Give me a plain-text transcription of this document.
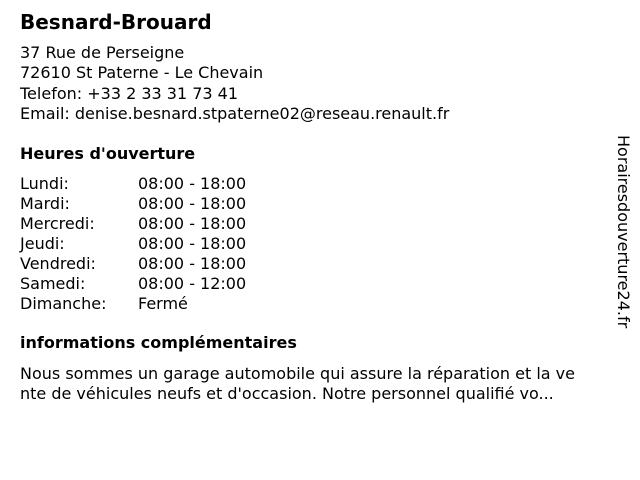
Besnard-Brouard
37 Rue de Perseigne
72610 St Paterne - Le Chevain
Telefon: +33 2 33 31 73 41
Email: denise.besnard.stpaterne02@reseau.renault.fr
Heures d'ouverture
Lundi:	08:00 - 18:00
Mardi:	08:00 - 18:00
Mercredi:	08:00 - 18:00
Jeudi:	08:00 - 18:00
Vendredi:	08:00 - 18:00
Samedi:	08:00 - 12:00
Dimanche:	Fermé
informations complémentaires
Nous sommes un garage automobile qui assure la réparation et la ve
nte de véhicules neufs et d'occasion. Notre personnel qualifié vo...
Horairesdouverture24.fr
